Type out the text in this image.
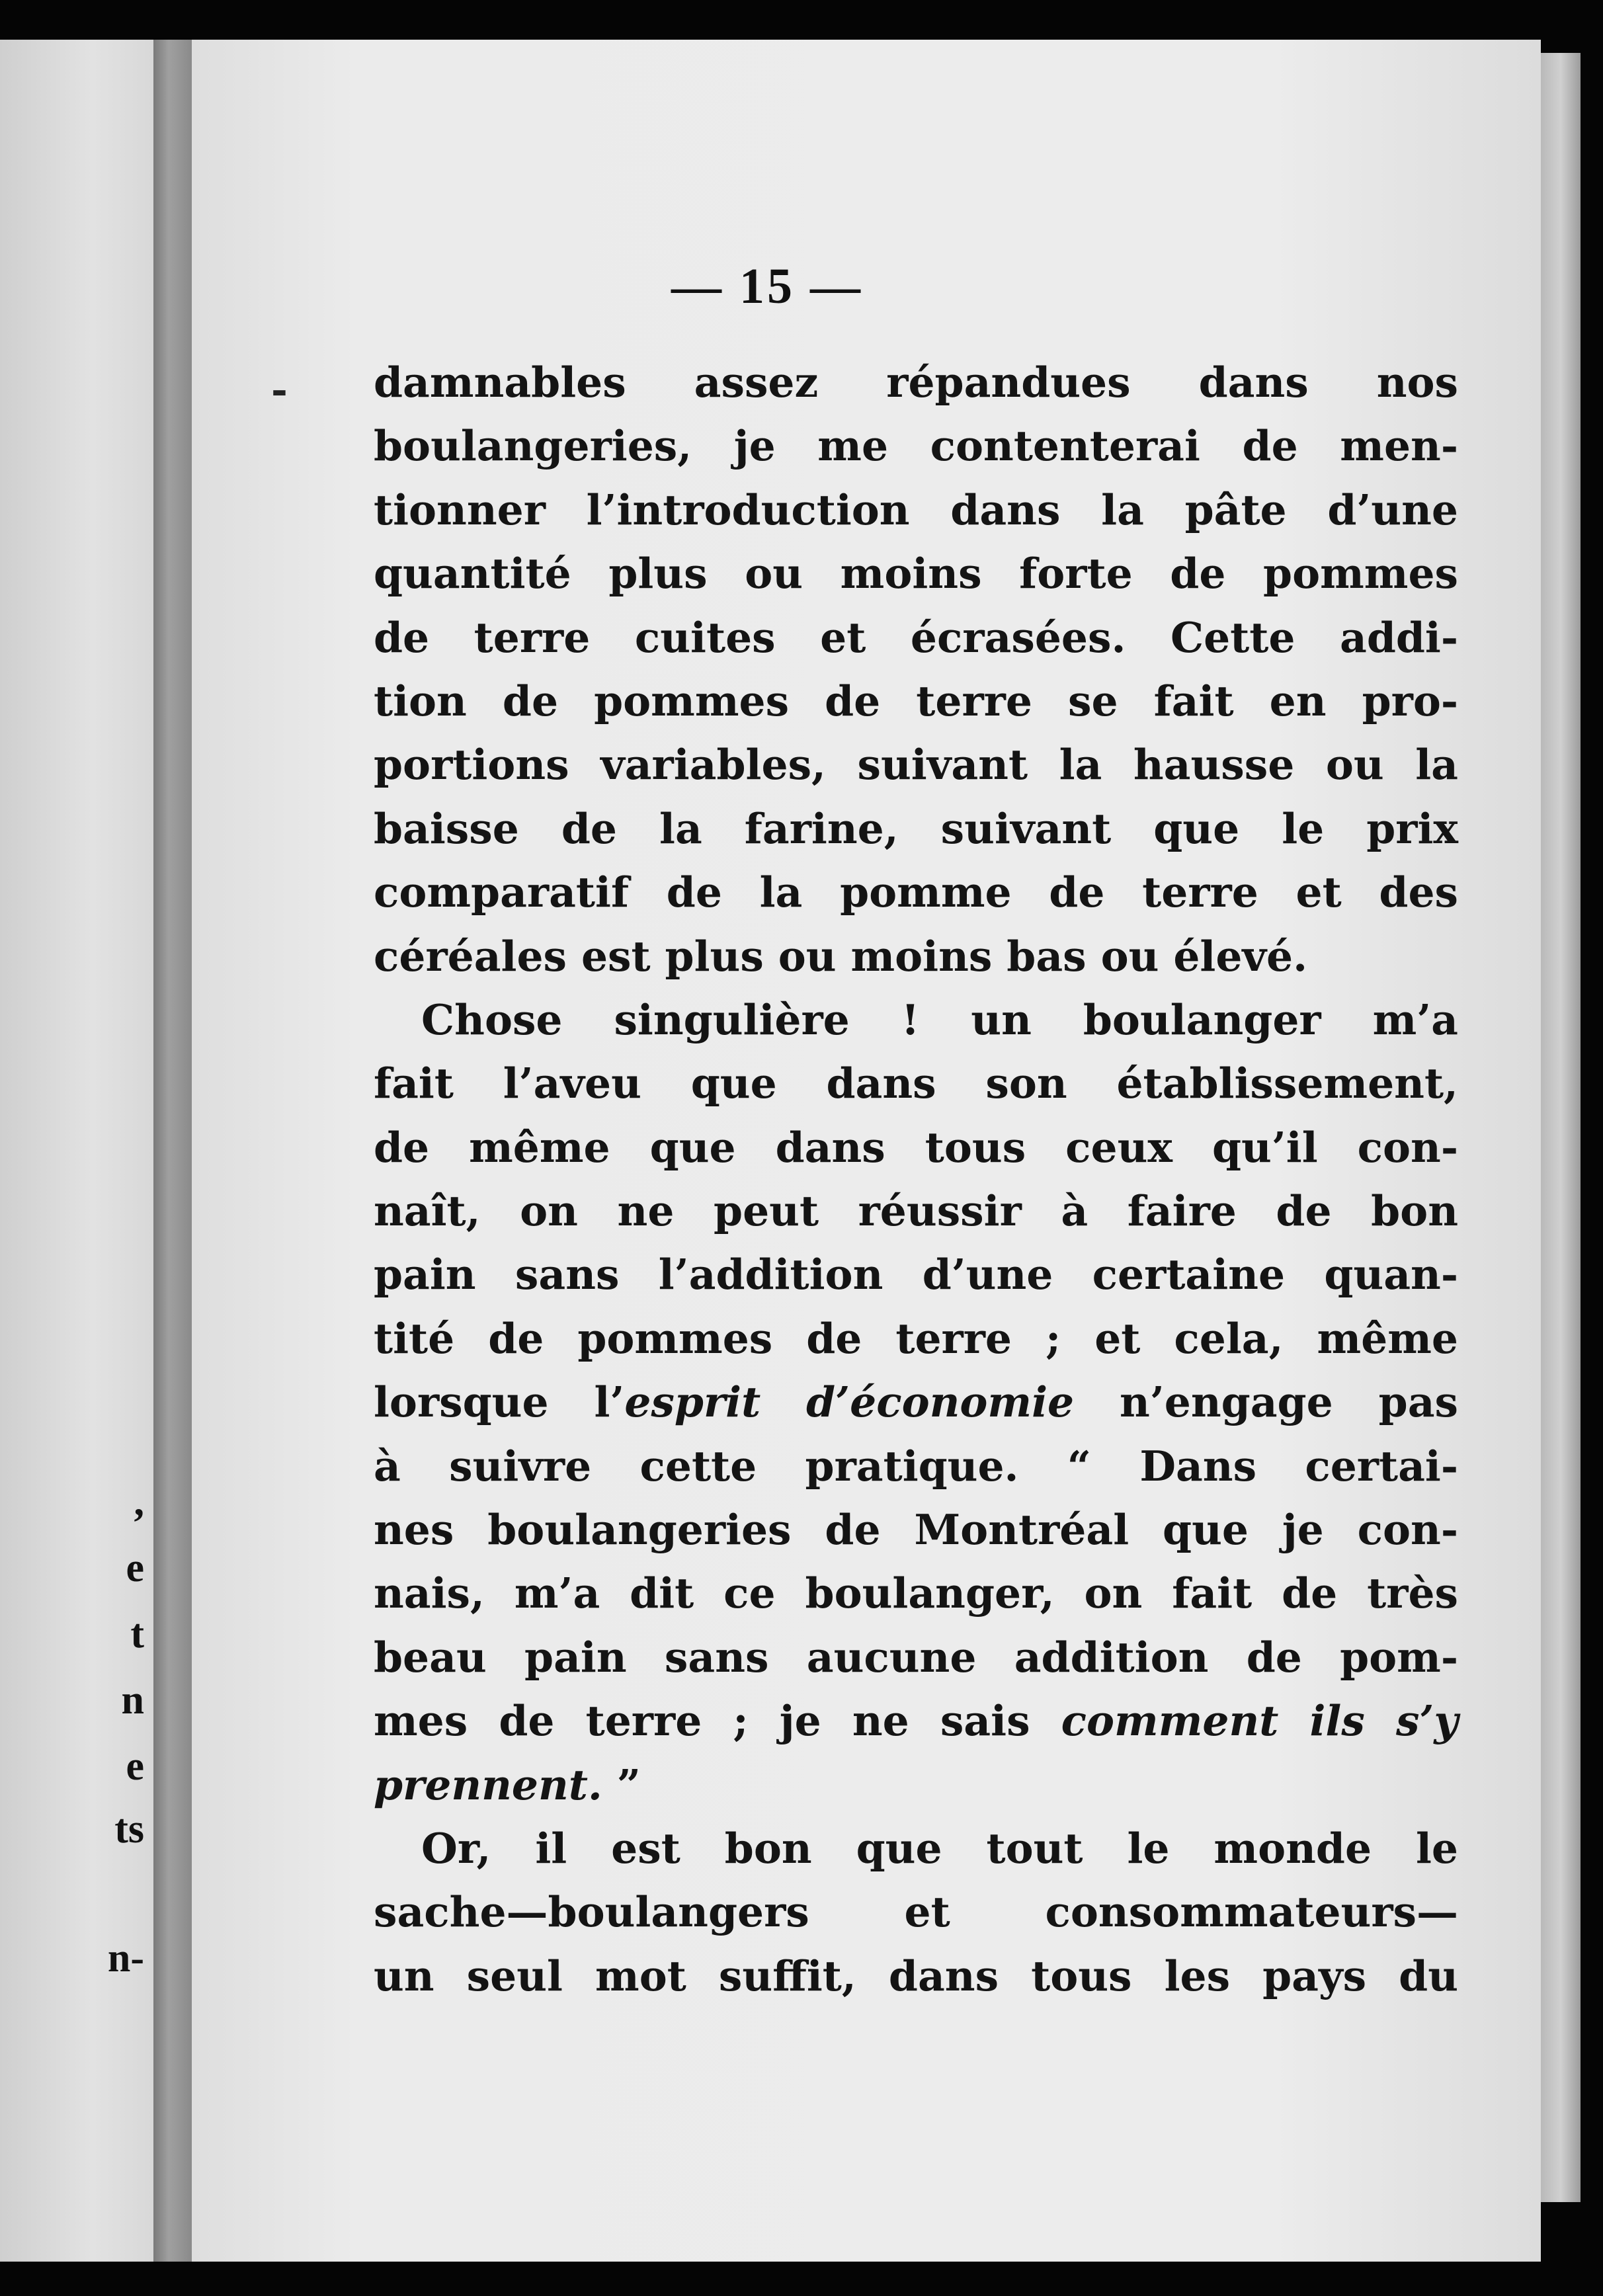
,
e
t
n
e
ts
n-
-
— 15 —
damnables assez répandues dans nos
boulangeries, je me contenterai de men-
tionner l’introduction dans la pâte d’une
quantité plus ou moins forte de pommes
de terre cuites et écrasées. Cette addi-
tion de pommes de terre se fait en pro-
portions variables, suivant la hausse ou la
baisse de la farine, suivant que le prix
comparatif de la pomme de terre et des
céréales est plus ou moins bas ou élevé.
Chose singulière ! un boulanger m’a
fait l’aveu que dans son établissement,
de même que dans tous ceux qu’il con-
naît, on ne peut réussir à faire de bon
pain sans l’addition d’une certaine quan-
tité de pommes de terre ; et cela, même
lorsque l’esprit d’économie n’engage pas
à suivre cette pratique. “ Dans certai-
nes boulangeries de Montréal que je con-
nais, m’a dit ce boulanger, on fait de très
beau pain sans aucune addition de pom-
mes de terre ; je ne sais comment ils s’y
prennent. ”
Or, il est bon que tout le monde le
sache—boulangers et consommateurs—
un seul mot suffit, dans tous les pays du
